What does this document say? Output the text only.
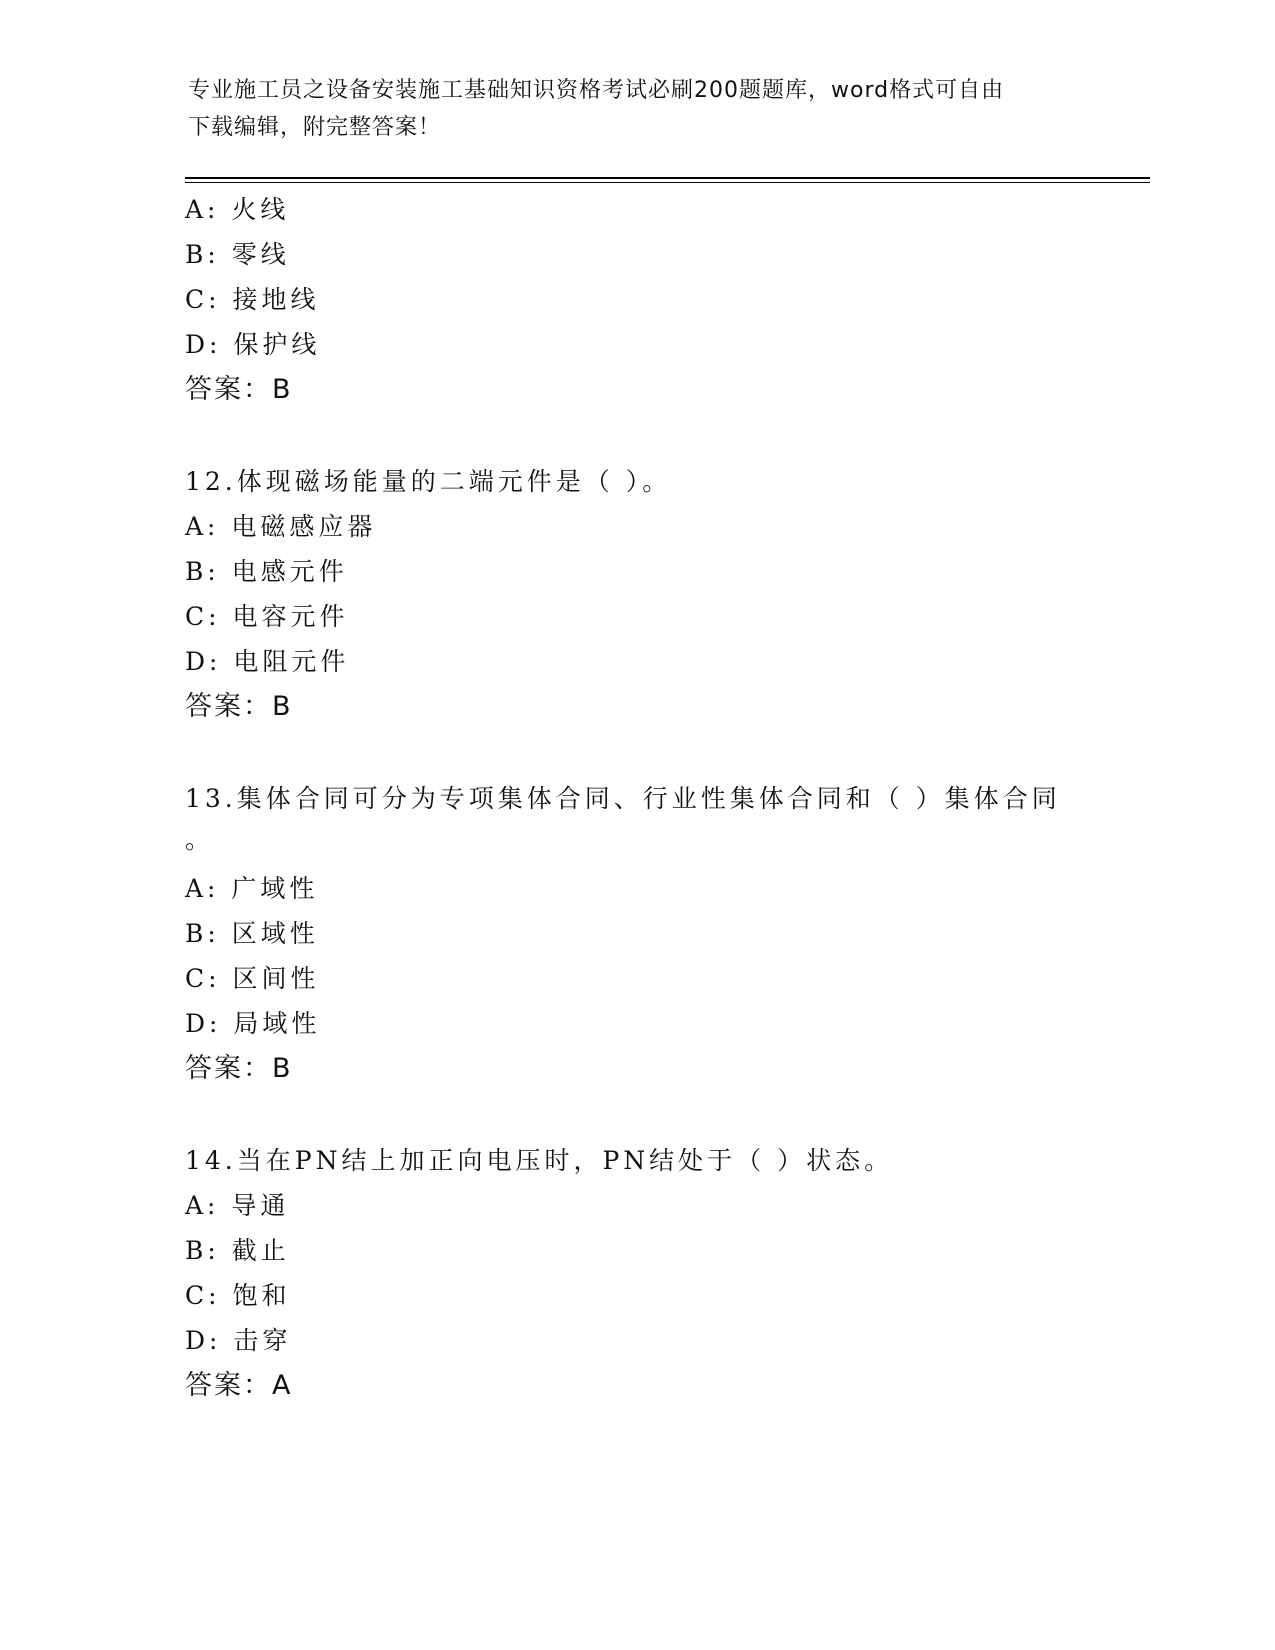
专业施工员之设备安装施工基础知识资格考试必刷200题题库，word格式可自由
下载编辑，附完整答案！
A: 火线
B: 零线
C: 接地线
D: 保护线
答案：B
12.体现磁场能量的二端元件是（ ）。
A: 电磁感应器
B: 电感元件
C: 电容元件
D: 电阻元件
答案：B
13.集体合同可分为专项集体合同、行业性集体合同和（ ）集体合同
。
A: 广域性
B: 区域性
C: 区间性
D: 局域性
答案：B
14.当在PN结上加正向电压时，PN结处于（ ）状态。
A: 导通
B: 截止
C: 饱和
D: 击穿
答案：A
